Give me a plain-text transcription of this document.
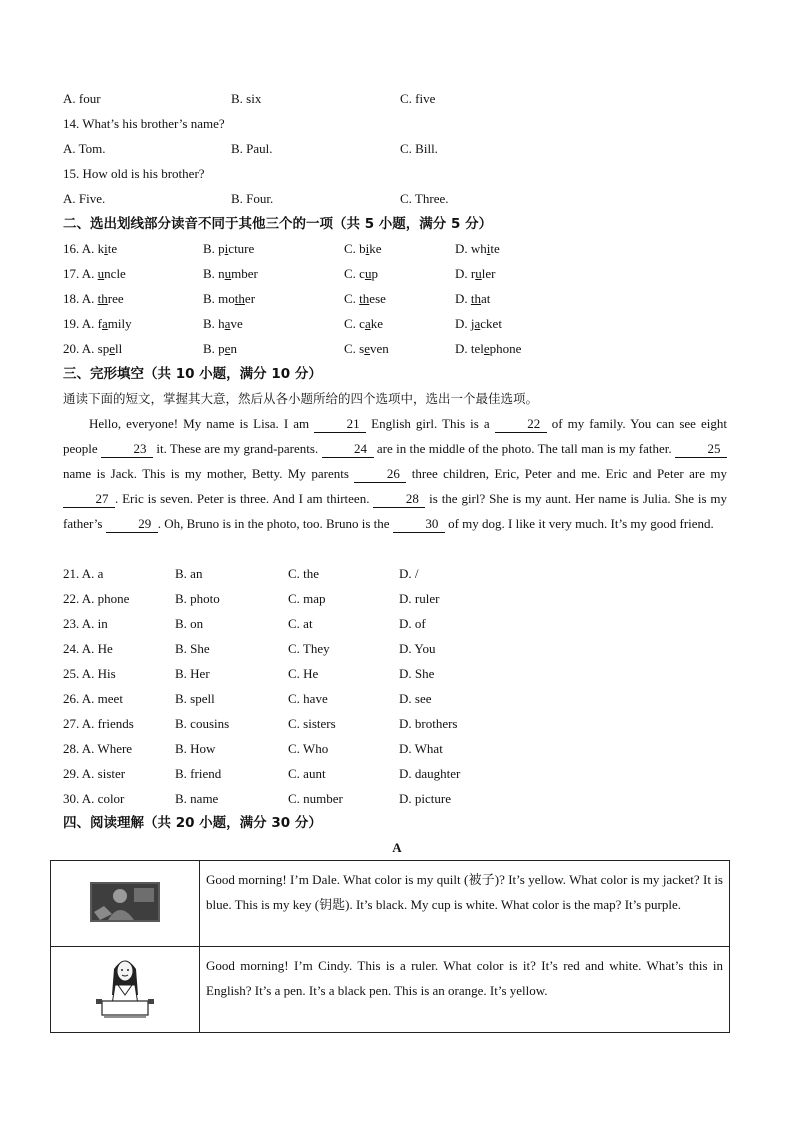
A. four	B. six	C. five
14. What’s his brother’s name?
A. Tom.	B. Paul.	C. Bill.
15. How old is his brother?
A. Five.	B. Four.	C. Three.
二、选出划线部分读音不同于其他三个的一项（共 5 小题，满分 5 分）
16. A. kite	B. picture	C. bike	D. white
17. A. uncle	B. number	C. cup	D. ruler
18. A. three	B. mother	C. these	D. that
19. A. family	B. have	C. cake	D. jacket
20. A. spell	B. pen	C. seven	D. telephone
三、完形填空（共 10 小题，满分 10 分）
通读下面的短文，掌握其大意，然后从各小题所给的四个选项中，选出一个最佳选项。
Hello, everyone! My name is Lisa. I am	21 English girl. This is a	22 of my family. You can see eight people	23 it. These are my grand-parents.	24 are in the middle of the photo. The tall man is my father.	25 name is Jack. This is my mother, Betty. My parents	26 three children, Eric, Peter and me. Eric and Peter are my 27 . Eric is seven. Peter is three. And I am thirteen.	28 is the girl? She is my aunt. Her name is Julia. She is my father’s	29 . Oh, Bruno is in the photo, too. Bruno is the	30 of my dog. I like it very much. It’s my good friend.
21. A. a	B. an	C. the	D. /
22. A. phone	B. photo	C. map	D. ruler
23. A. in	B. on	C. at	D. of
24. A. He	B. She	C. They	D. You
25. A. His	B. Her	C. He	D. She
26. A. meet	B. spell	C. have	D. see
27. A. friends	B. cousins	C. sisters	D. brothers
28. A. Where	B. How	C. Who	D. What
29. A. sister	B. friend	C. aunt	D. daughter
30. A. color	B. name	C. number	D. picture
四、阅读理解（共 20 小题，满分 30 分）
A
	Good morning! I’m Dale. What color is my quilt (被子)? It’s yellow. What color is my jacket? It is blue. This is my key (钥匙). It’s black. My cup is white. What color is the map? It’s purple.
	Good morning! I’m Cindy. This is a ruler. What color is it? It’s red and white. What’s this in English? It’s a pen. It’s a black pen. This is an orange. It’s yellow.
